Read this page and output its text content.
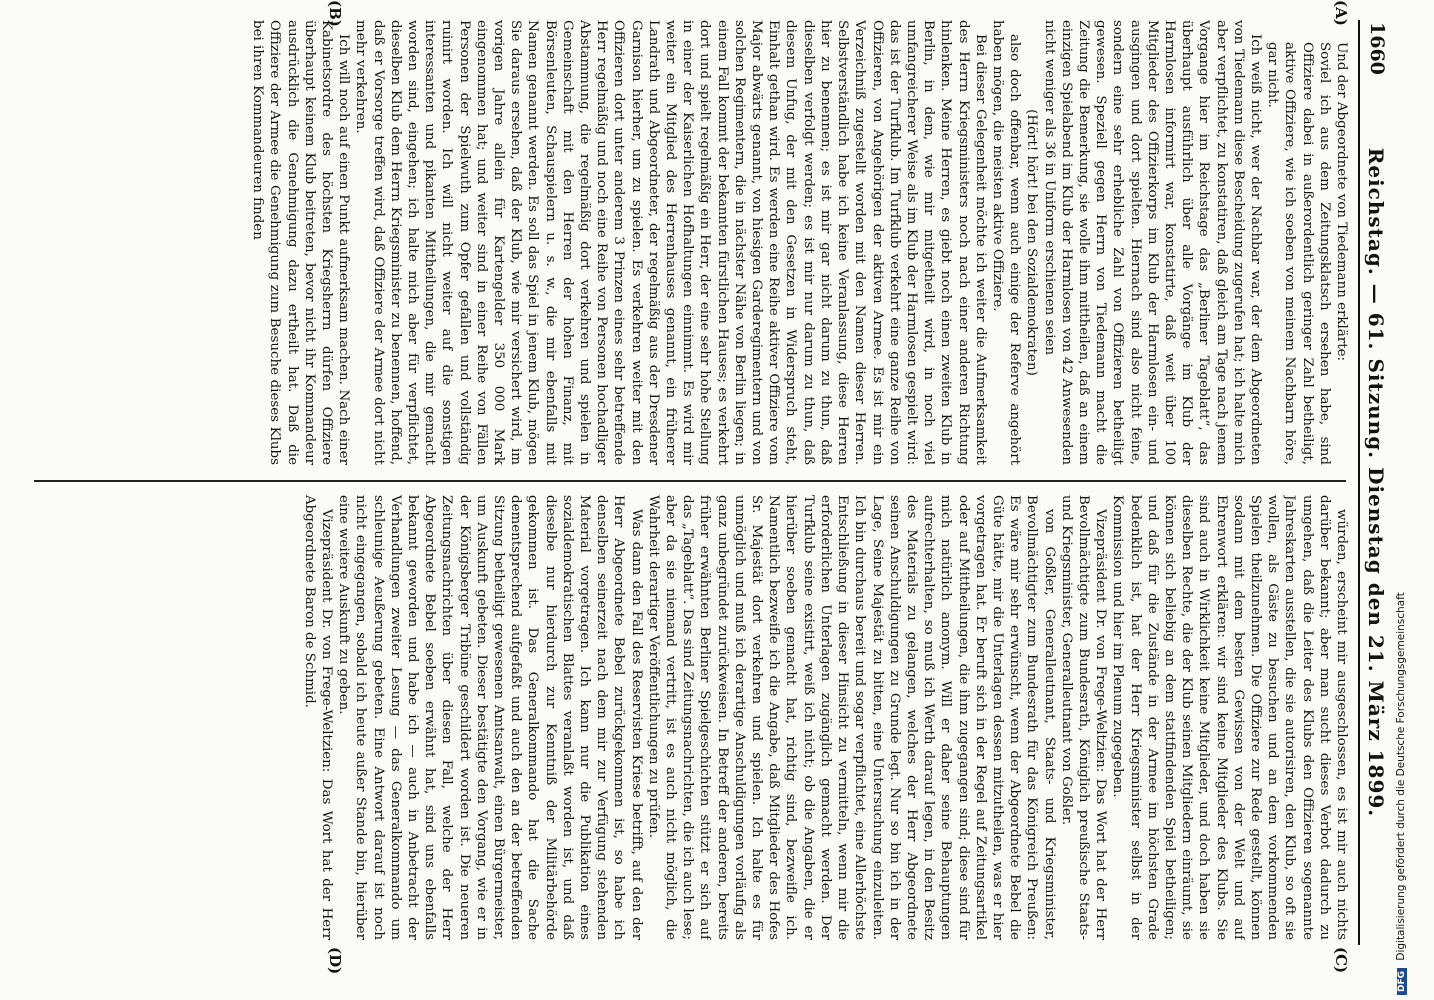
1660
Reichstag. — 61. Sitzung. Dienstag den 21. März 1899.
(A)
(B)
(C)
(D)

Und der Abgeordnete von Tiedemann erklärte:

Soviel ich aus dem Zeitungsklatsch ersehen habe, sind Offiziere dabei in außerordentlich geringer Zahl betheiligt, aktive Offiziere, wie ich soeben von meinem Nachbarn höre, gar nicht.

Ich weiß nicht, wer der Nachbar war, der dem Abgeordneten von Tiedemann diese Bescheidung zugerufen hat; ich halte mich aber verpflichtet, zu konstatiren, daß gleich am Tage nach jenem Vorgange hier im Reichstage das „Berliner Tageblatt“, das überhaupt ausführlich über alle Vorgänge im Klub der Harmlosen informirt war, konstatirte, daß weit über 100 Mitglieder des Offizierkorps im Klub der Harmlosen ein- und ausgingen und dort spielten. Hiernach sind also nicht feine, sondern eine sehr erhebliche Zahl von Offizieren betheiligt gewesen. Speziell gegen Herrn von Tiedemann macht die Zeitung die Bemerkung, sie wolle ihm mittheilen, daß an einem einzigen Spielabend im Klub der Harmlosen von 42 Anwesenden nicht weniger als 36 in Uniform erschienen seien

(Hört! hört! bei den Sozialdemokraten)

also doch offenbar, wenn auch einige der Referve angehört haben mögen, die meisten aktive Offiziere.

Bei dieser Gelegenheit möchte ich weiter die Aufmerksamkeit des Herrn Kriegsministers noch nach einer anderen Richtung hinlenken. Meine Herren, es giebt noch einen zweiten Klub in Berlin, in dem, wie mir mitgetheilt wird, in noch viel umfangreicherer Weise als im Klub der Harmlosen gespielt wird: das ist der Turfklub. Im Turfklub verkehrt eine ganze Reihe von Offizieren, von Angehörigen der aktiven Armee. Es ist mir ein Verzeichniß zugestellt worden mit den Namen dieser Herren. Selbstverständlich habe ich keine Veranlassung, diese Herren hier zu benennen; es ist mir gar nicht darum zu thun, daß dieselben verfolgt werden; es ist mir nur darum zu thun, daß diesem Unfug, der mit den Gesetzen in Widerspruch steht, Einhalt gethan wird. Es werden eine Reihe aktiver Offiziere vom Major abwärts genannt, von hiesigen Garderegimentern und von solchen Regimentern, die in nächster Nähe von Berlin liegen; in einem Fall kommt der bekannten fürstlichen Hauses; es verkehrt dort und spielt regelmäßig ein Herr, der eine sehr hohe Stellung in einer der Kaiserlichen Hofhaltungen einnimmt. Es wird mir weiter ein Mitglied des Herrenhauses genannt, ein früherer Landrath und Abgeordneter, der regelmäßig aus der Dresdener Garnison hierher, um zu spielen. Es verkehren weiter mit den Offizieren dort unter anderem 3 Prinzen eines sehr betreffende Herr regelmäßig und noch eine Reihe von Personen hochadliger Abstammung, die regelmäßig dort verkehren und spielen in Gemeinschaft mit den Herren der hohen Finanz, mit Börsenleuten, Schauspielern u. s. w., die mir ebenfalls mit Namen genannt werden. Es soll das Spiel in jenem Klub, mögen Sie daraus ersehen, daß der Klub, wie mir versichert wird, im vorigen Jahre allein für Kartengelder 350 000 Mark eingenommen hat; und weiter sind in einer Reihe von Fällen Personen der Spielwuth zum Opfer gefallen und vollständig ruinirt worden. Ich will nicht weiter auf die sonstigen interessanten und pikanten Mittheilungen, die mir gemacht worden sind, eingehen; ich halte mich aber für verpflichtet, dieselben Klub dem Herrn Kriegsminister zu benennen, hoffend, daß er Vorsorge treffen wird, daß Offiziere der Armee dort nicht mehr verkehren.

Ich will noch auf einen Punkt aufmerksam machen. Nach einer Kabinetsordre des höchsten Kriegsherrn dürfen Offiziere überhaupt keinem Klub beitreten, bevor nicht ihr Kommandeur ausdrücklich die Genehmigung dazu ertheilt hat. Daß die Offiziere der Armee die Genehmigung zum Besuche dieses Klubs bei ihren Kommandeuren finden

würden, erscheint mir ausgeschlossen, es ist mir auch nichts darüber bekannt; aber man sucht dieses Verbot dadurch zu umgehen, daß die Leiter des Klubs den Offizieren sogenannte Jahreskarten ausstellen, die sie autorisiren, den Klub, so oft sie wollen, als Gäste zu besuchen und an dem vorkommenden Spielen theilzunehmen. Die Offiziere zur Rede gestellt, können sodann mit dem besten Gewissen von der Welt und auf Ehrenwort erklären: wir sind keine Mitglieder des Klubs. Sie sind auch in Wirklichkeit keine Mitglieder, und doch haben sie dieselben Rechte, die der Klub seinen Mitgliedern einräumt, sie können sich beliebig an dem stattfindenden Spiel betheiligen; und daß für die Zustände in der Armee im höchsten Grade bedenklich ist, hat der Herr Kriegsminister selbst in der Kommission und hier im Plenum zugegeben.

Vizepräsident Dr. von Frege-Weltzien: Das Wort hat der Herr Bevollmächtigte zum Bundesrath, Königlich preußische Staats- und Kriegsminister, Generalleutnant von Goßler.

von Goßler, Generalleutnant, Staats- und Kriegsminister, Bevollmächtigter zum Bundesrath für das Königreich Preußen: Es wäre mir sehr erwünscht, wenn der Abgeordnete Bebel die Güte hätte, mir die Unterlagen dessen mitzutheilen, was er hier vorgetragen hat. Er beruft sich in der Regel auf Zeitungsartikel oder auf Mittheilungen, die ihm zugegangen sind; diese sind für mich natürlich anonym. Will er daher seine Behauptungen aufrechterhalten, so muß ich Werth darauf legen, in den Besitz des Materials zu gelangen, welches der Herr Abgeordnete seinen Anschuldigungen zu Grunde legt. Nur so bin ich in der Lage, Seine Majestät zu bitten, eine Untersuchung einzuleiten. Ich bin durchaus bereit und sogar verpflichtet, eine Allerhöchste Entschließung in dieser Hinsicht zu vermitteln, wenn mir die erforderlichen Unterlagen zugänglich gemacht werden. Der Turfklub seine existirt, weiß ich nicht; ob die Angaben, die er hierüber soeben gemacht hat, richtig sind, bezweifle ich. Namentlich bezweifle ich die Angabe, daß Mitglieder des Hofes Sr. Majestät dort verkehren und spielen. Ich halte es für unmöglich und muß ich derartige Anschuldigungen vorläufig als ganz unbegründet zurückweisen. In Betreff der anderen, bereits früher erwähnten Berliner Spielgeschichten stützt er sich auf das „Tageblatt“. Das sind Zeitungsnachrichten, die ich auch lese; aber da sie niemand vertritt, ist es auch nicht möglich, die Wahrheit derartiger Veröffentlichungen zu prüfen.

Was dann den Fall des Reservisten Kriese betrifft, auf den der Herr Abgeordnete Bebel zurückgekommen ist, so habe ich denselben seinerzeit nach dem mir zur Verfügung stehenden Material vorgetragen. Ich kann nur die Publikation eines sozialdemokratischen Blattes veranlaßt worden ist, und daß dieselbe nur hierdurch zur Kenntniß der Militärbehörde gekommen ist. Das Generalkommando hat die Sache dementsprechend aufgefaßt und auch den an der betreffenden Sitzung betheiligt gewesenen Amtsanwalt, einen Bürgermeister, um Auskunft gebeten. Dieser bestätigte den Vorgang, wie er in der Königsberger Tribüne geschildert worden ist. Die neueren Zeitungsnachrichten über diesen Fall, welche der Herr Abgeordnete Bebel soeben erwähnt hat, sind uns ebenfalls bekannt geworden und habe ich — auch in Anbetracht der Verhandlungen zweiter Lesung — das Generalkommando um schleunige Aeußerung gebeten. Eine Antwort darauf ist noch nicht eingegangen, sobald ich heute außer Stande bin, hierüber eine weitere Auskunft zu geben.

Vizepräsident Dr. von Frege-Weltzien: Das Wort hat der Herr Abgeordnete Baron de Schmid.

DFG Digitalisierung gefördert durch die Deutsche Forschungsgemeinschaft
